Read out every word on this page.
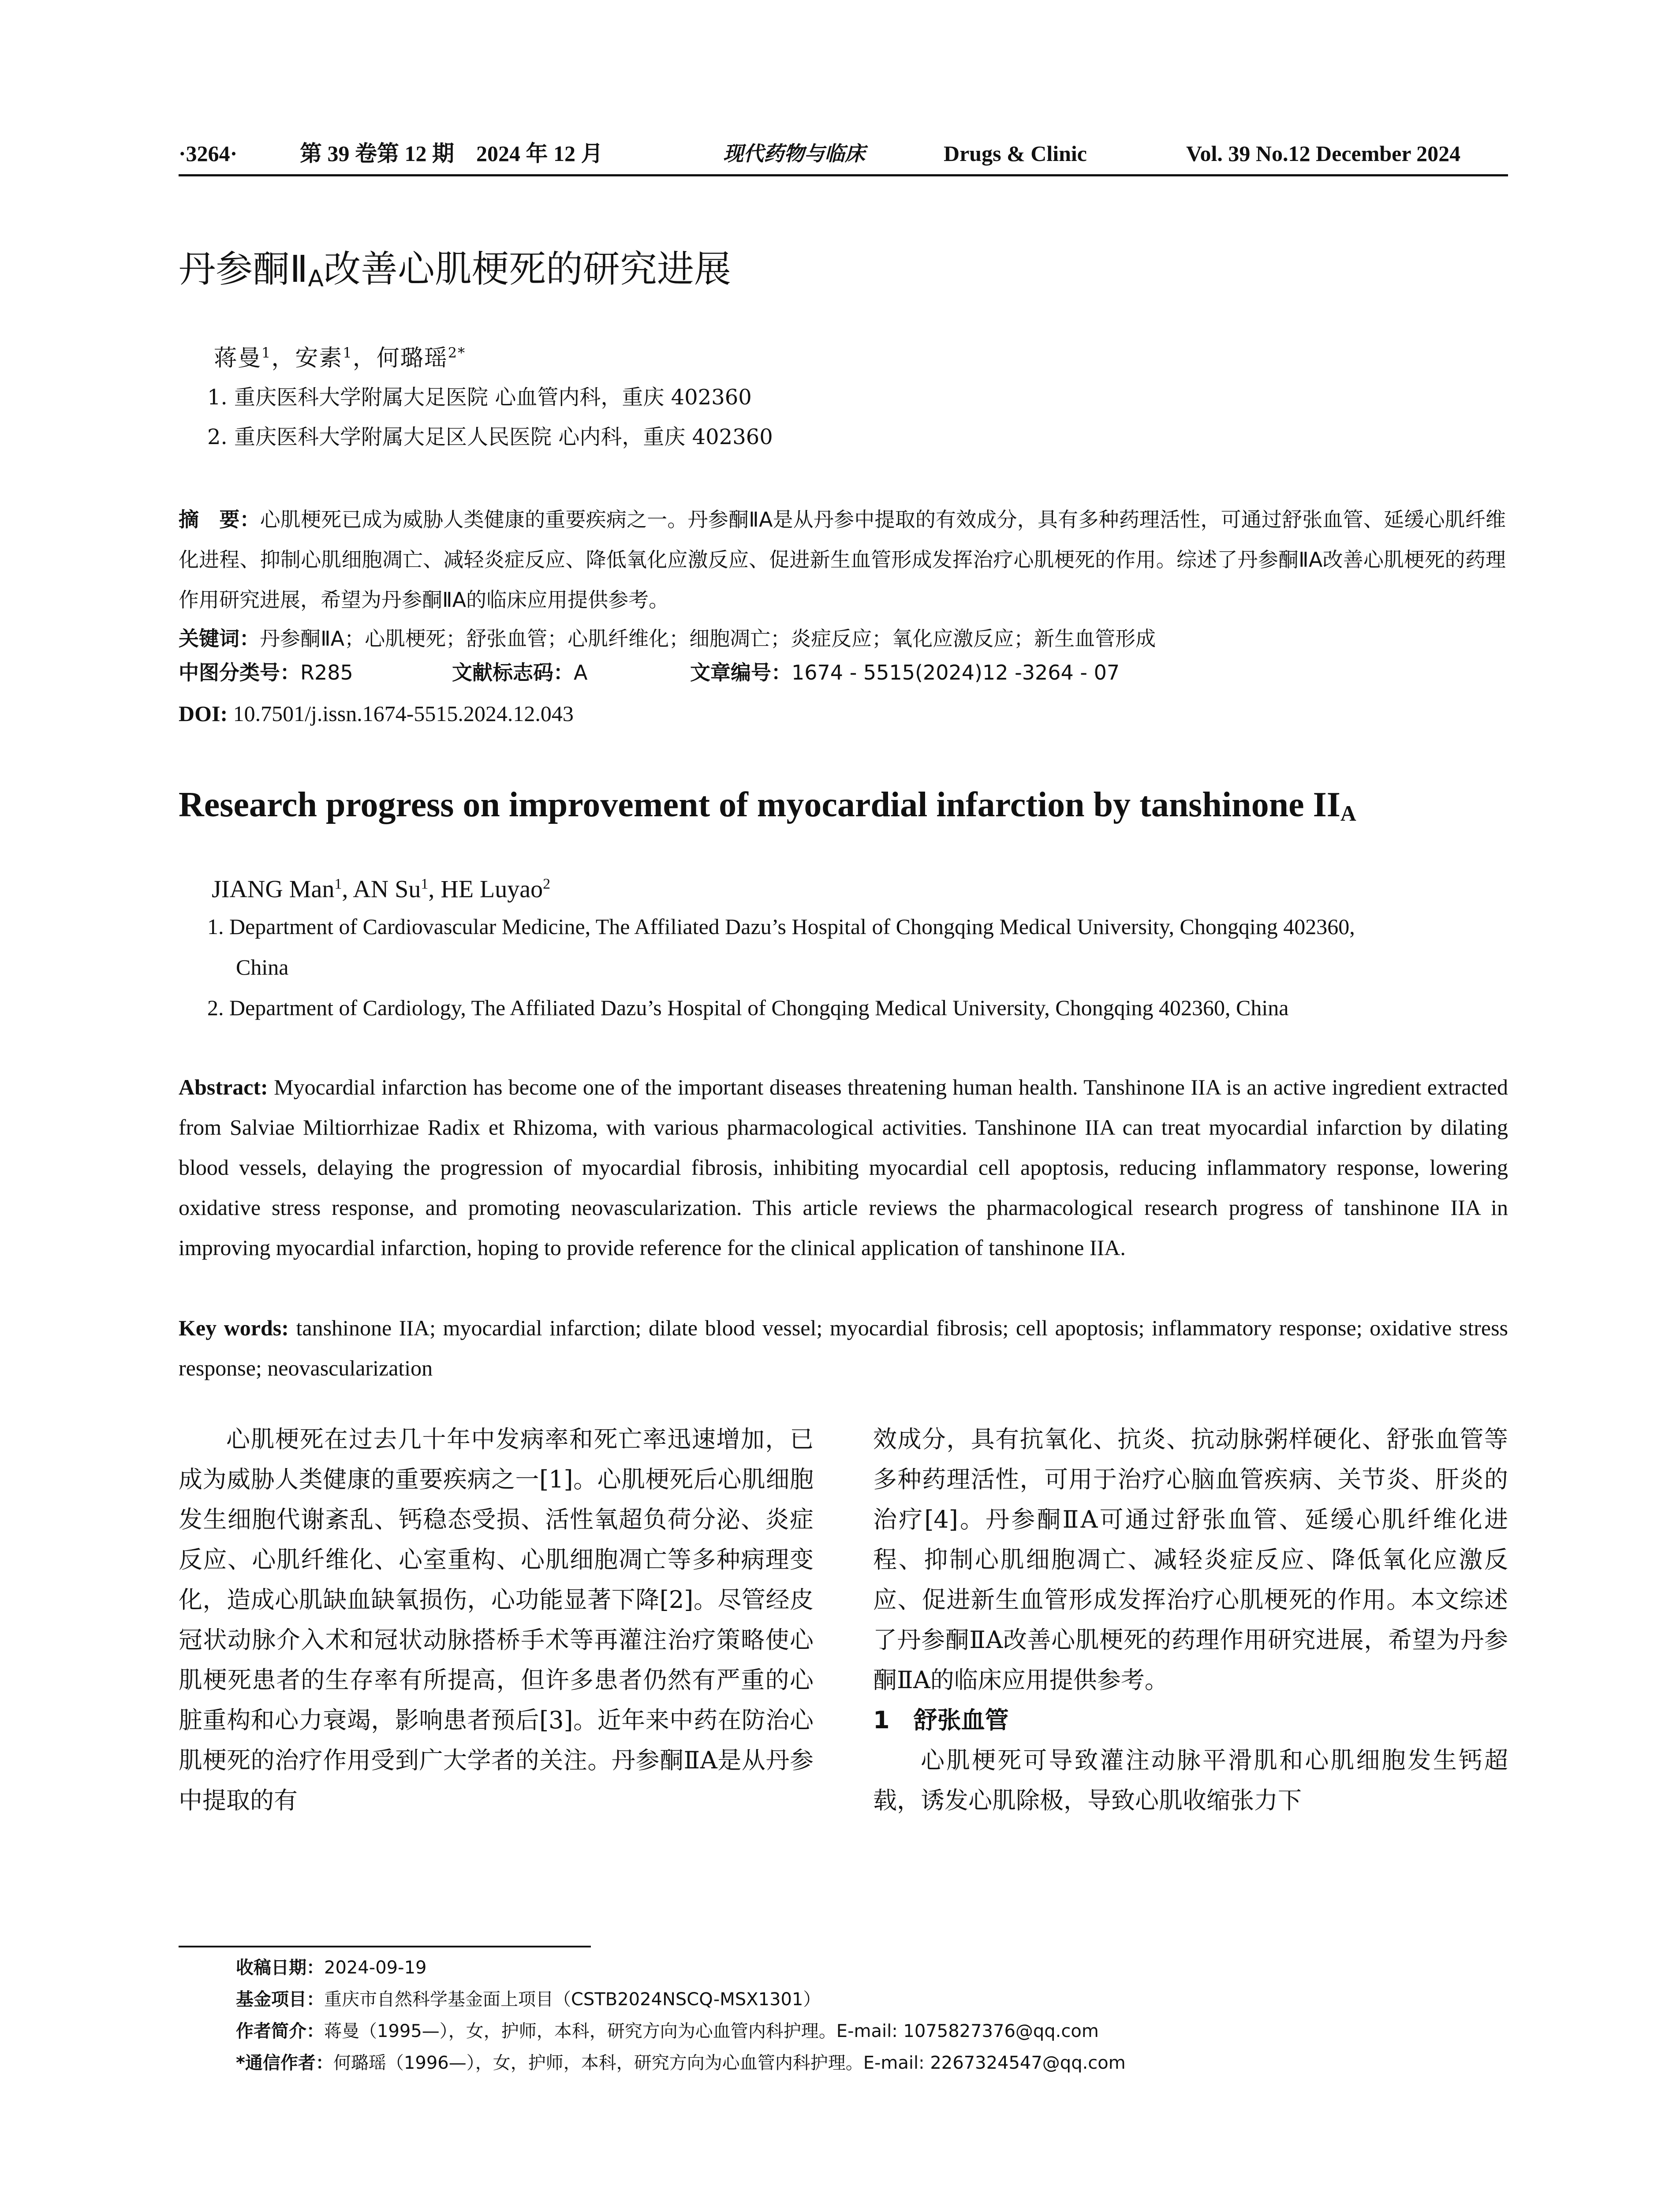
·3264·	第 39 卷第 12 期　2024 年 12 月	现代药物与临床	Drugs & Clinic	Vol. 39 No.12 December 2024
丹参酮ⅡA改善心肌梗死的研究进展
蒋曼$^1$，安素$^1$，何璐瑶$^{2*}$
1. 重庆医科大学附属大足医院 心血管内科，重庆 402360
2. 重庆医科大学附属大足区人民医院 心内科，重庆 402360

摘　要：心肌梗死已成为威胁人类健康的重要疾病之一。丹参酮ⅡA是从丹参中提取的有效成分，具有多种药理活性，可通过舒张血管、延缓心肌纤维化进程、抑制心肌细胞凋亡、减轻炎症反应、降低氧化应激反应、促进新生血管形成发挥治疗心肌梗死的作用。综述了丹参酮ⅡA改善心肌梗死的药理作用研究进展，希望为丹参酮ⅡA的临床应用提供参考。

关键词：丹参酮ⅡA；心肌梗死；舒张血管；心肌纤维化；细胞凋亡；炎症反应；氧化应激反应；新生血管形成
中图分类号：R285	文献标志码：A	文章编号：1674 - 5515(2024)12 -3264 - 07
DOI: 10.7501/j.issn.1674-5515.2024.12.043
Research progress on improvement of myocardial infarction by tanshinone IIA
JIANG Man$^1$, AN Su$^1$, HE Luyao$^2$
1. Department of Cardiovascular Medicine, The Affiliated Dazu’s Hospital of Chongqing Medical University, Chongqing 402360,
China
2. Department of Cardiology, The Affiliated Dazu’s Hospital of Chongqing Medical University, Chongqing 402360, China

Abstract: Myocardial infarction has become one of the important diseases threatening human health. Tanshinone IIA is an active ingredient extracted from Salviae Miltiorrhizae Radix et Rhizoma, with various pharmacological activities. Tanshinone IIA can treat myocardial infarction by dilating blood vessels, delaying the progression of myocardial fibrosis, inhibiting myocardial cell apoptosis, reducing inflammatory response, lowering oxidative stress response, and promoting neovascularization. This article reviews the pharmacological research progress of tanshinone IIA in improving myocardial infarction, hoping to provide reference for the clinical application of tanshinone IIA.

Key words: tanshinone IIA; myocardial infarction; dilate blood vessel; myocardial fibrosis; cell apoptosis; inflammatory response; oxidative stress response; neovascularization

心肌梗死在过去几十年中发病率和死亡率迅速增加，已成为威胁人类健康的重要疾病之一[1]。心肌梗死后心肌细胞发生细胞代谢紊乱、钙稳态受损、活性氧超负荷分泌、炎症反应、心肌纤维化、心室重构、心肌细胞凋亡等多种病理变化，造成心肌缺血缺氧损伤，心功能显著下降[2]。尽管经皮冠状动脉介入术和冠状动脉搭桥手术等再灌注治疗策略使心肌梗死患者的生存率有所提高，但许多患者仍然有严重的心脏重构和心力衰竭，影响患者预后[3]。近年来中药在防治心肌梗死的治疗作用受到广大学者的关注。丹参酮ⅡA是从丹参中提取的有

效成分，具有抗氧化、抗炎、抗动脉粥样硬化、舒张血管等多种药理活性，可用于治疗心脑血管疾病、关节炎、肝炎的治疗[4]。丹参酮ⅡA可通过舒张血管、延缓心肌纤维化进程、抑制心肌细胞凋亡、减轻炎症反应、降低氧化应激反应、促进新生血管形成发挥治疗心肌梗死的作用。本文综述了丹参酮ⅡA改善心肌梗死的药理作用研究进展，希望为丹参酮ⅡA的临床应用提供参考。

1　舒张血管

心肌梗死可导致灌注动脉平滑肌和心肌细胞发生钙超载，诱发心肌除极，导致心肌收缩张力下

收稿日期：2024-09-19
基金项目：重庆市自然科学基金面上项目（CSTB2024NSCQ-MSX1301）
作者简介：蒋曼（1995—），女，护师，本科，研究方向为心血管内科护理。E-mail: 1075827376@qq.com
*通信作者：何璐瑶（1996—），女，护师，本科，研究方向为心血管内科护理。E-mail: 2267324547@qq.com
